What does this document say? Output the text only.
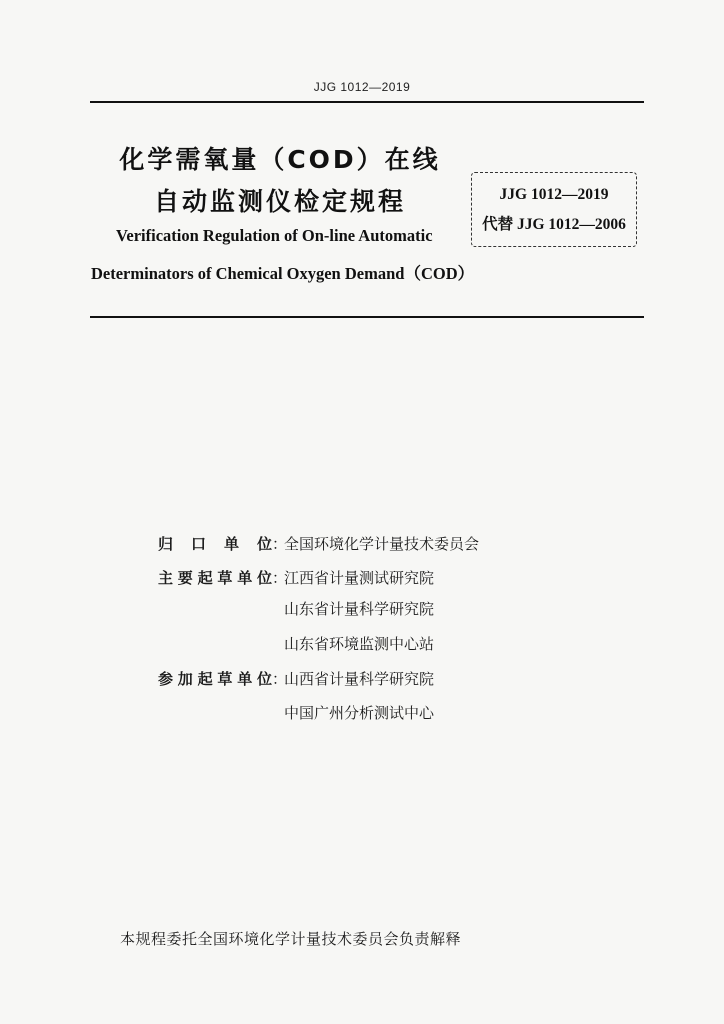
JJG 1012—2019
化学需氧量（COD）在线
自动监测仪检定规程
Verification Regulation of On-line Automatic
Determinators of Chemical Oxygen Demand（COD）
JJG 1012—2019
代替 JJG 1012—2006
归 口 单 位：全国环境化学计量技术委员会
主要起草单位：江西省计量测试研究院
山东省计量科学研究院
山东省环境监测中心站
参加起草单位：山西省计量科学研究院
中国广州分析测试中心
本规程委托全国环境化学计量技术委员会负责解释
